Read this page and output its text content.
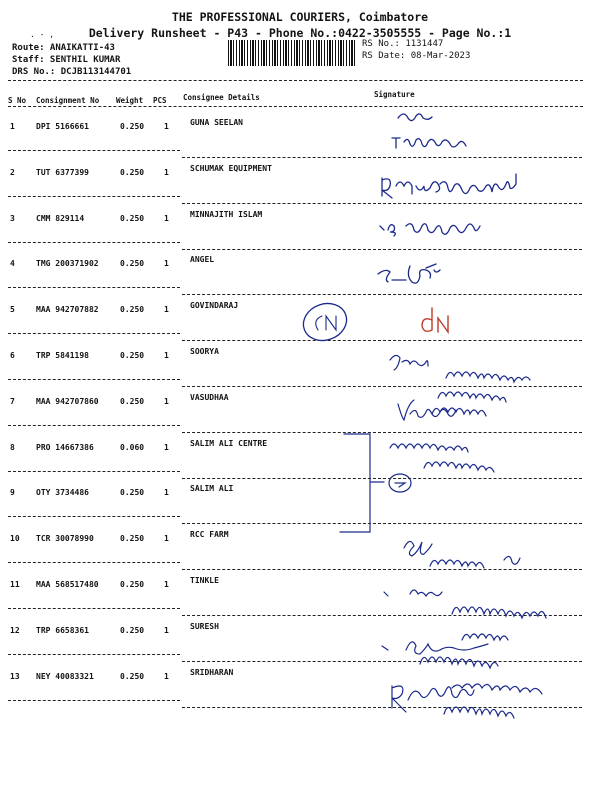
THE PROFESSIONAL COURIERS, Coimbatore
Delivery Runsheet - P43 - Phone No.:0422-3505555 - Page No.:1
. - ,
Route: ANAIKATTI-43
Staff: SENTHIL KUMAR
DRS No.: DCJB113144701
RS No.: 1131447
RS Date: 08-Mar-2023
S No Consignment No Weight PCS Consignee Details	Signature
1	DPI 5166661	0.250 1	GUNA SEELAN
2	TUT 6377399	0.250 1	SCHUMAK EQUIPMENT
3	CMM 829114	0.250 1	MINNAJITH ISLAM
4	TMG 200371902	0.250 1	ANGEL
5	MAA 942707882	0.250 1	GOVINDARAJ
6	TRP 5841198	0.250 1	SOORYA
7	MAA 942707860	0.250 1	VASUDHAA
8	PRO 14667386	0.060 1	SALIM ALI CENTRE
9	OTY 3734486	0.250 1	SALIM ALI
10 TCR 30078990	0.250 1	RCC FARM
11 MAA 568517480	0.250 1	TINKLE
12 TRP 6658361	0.250 1	SURESH
13 NEY 40083321	0.250 1	SRIDHARAN
